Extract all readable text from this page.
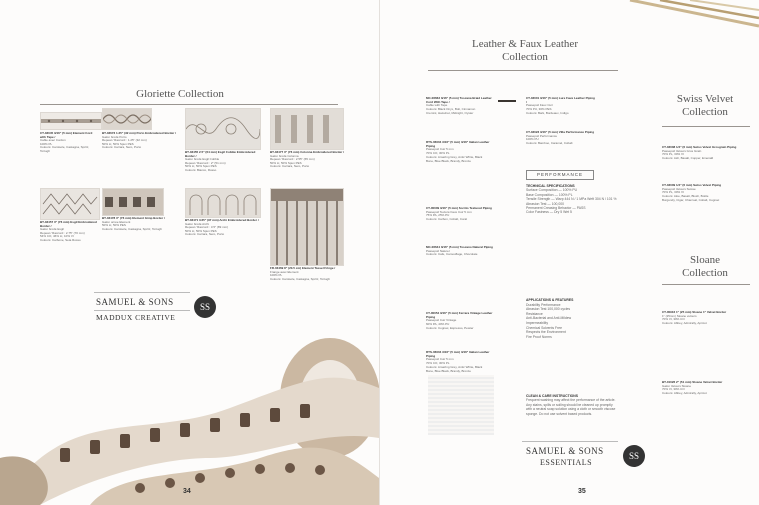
Gloriette Collection
CT-03045 3/16" (5 mm) Element Cord with Tape /
Cable avec Cordon
100% PL
Colours: Camisole, Castagna, Spritz, Tortugh
BT-03673 1.25" (32 mm) Porto Embroidered Border /
Galon brodé Porto
Repeat / Raccord : 1.25" (32 mm)
50% LI, 50% Spun PES
Colours: Carrara, Nero, Porto
BT-03455 2.5" (64 mm) Esgil Cobble Embroidered Border /
Galon brodé Esgil Cobble
Repeat / Raccord : 2" (51 mm)
50% LI, 50% Spun PES
Colours: Bianco, Rosso
BT-03477 3" (76 mm) Colonna Embroidered Border /
Galon brodé Colonna
Repeat / Raccord : 2.55" (65 mm)
50% LI, 50% Spun PES
Colours: Carrara, Nero, Porto
BT-03457 3" (76 mm) Esgil Embroidered Border /
Galon brodé Esgil
Repeat / Raccord : 2.75" (70 mm)
54% CO, 46% LI, 10% VI
Colours: Carbone, Seta Rosso
BT-03478 3" (76 mm) Element Gimp Border /
Galon ornée Element
50% LI, 50% PES
Colours: Camisole, Castagna, Spritz, Tortugh
BT-03471 3.65" (97 mm) Archi Embroidered Border /
Galon brodé Archi
Repeat / Raccord : 3.5" (89 mm)
50% LI, 50% Spun PES
Colours: Carrara, Nero, Porto
FR-03469 8" (20.5 cm) Element Tassel Fringe /
Frange avec Element
100% PL
Colours: Camisole, Castagna, Spritz, Tortugh
SAMUEL & SONS
MADDUX CREATIVE
SS
34
Leather & Faux Leather Collection
MC-06663 3/16" (5 mm) Toscana Braid Leather Cord With Tape /
Cable with Tape
Colours: Black Onyx, Bolt, Cinnamon
Cremini, Hazelnut, Midnight, Oyster
RTS-06004 3/16" (5 mm) 3/16" Italian Leather Piping
Passepoil Cuir 5 mm
70% CO, 30% PL
Colours: Amazing Grey, Antic White, Black
Bone, Blue Black, Brandy, Bronze
CT-00009 3/16" (5 mm) Sorrito Textured Piping
Passepoil Texturé Faux Cuir 5 mm
75% PA, 25% PU
Colours: Carbon, Cobalt, Coral
MC-06644 3/16" (5 mm) Toscano Natural Piping
Passepoil Naturel
Colours: Cafe, Camouflage, Chocolate
CT-00054 3/16" (5 mm) Ferrara Vintage Leather Piping
Passepoil Cuir Vintage
60% PA, 40% PU
Colours: Cognac, Espresso, Pewter
RTS-06004 3/16" (5 mm) 3/16" Italian Leather Piping
Passepoil Cuir 5 mm
70% CO, 30% PL
Colours: Amazing Grey, Antic White, Black
Bone, Blue Black, Brandy, Bronze
CT-03001 3/16" (5 mm) Lure Faux Leather Piping /
Passepoil Faux Cuir
70% PU, 30% PES
Colours: Bark, Bordeaux, Indigo
CT-03023 3/16" (5 mm) Villa Performance Piping
Passepoil Performance
100% PU
Colours: Bamboo, Caramel, Cobalt
PERFORMANCE
TECHNICAL SPECIFICATIONS
Surface Composition — 100% PU
Base Composition — 100% PL
Tensile Strength — Warp 444 N / 1 MPa Weft 304 N / 101 %
Abrasion Test — 100,000
Permanent Creasing Behavior — PASS
Color Fastness — Dry 5 Wet 5
APPLICATIONS & FEATURES
Durability Performance
Abrasion Test 100,000 cycles
Resistance
Anti-Bacterial and Anti-Mildew
Impermeability
Chemical Solvents Free
Respects the Environment
Fire Proof Norms
CLEAN & CARE INSTRUCTIONS
Frequent washing may affect the performance of the article. Any stains, spills or soiling should be cleaned up promptly with a neutral soap solution using a cloth or smooth viscose sponge. Do not use solvent based products.
SAMUEL & SONS
ESSENTIALS
SS
Swiss Velvet Collection
CT-03008 1/4" (6 mm) Swiss Velvet Grosgrain Piping
Passepoil Velours Gros Grain
70% PL, 30% VI
Colours: Ash, Basalt, Copper, Emerald
CT-03009 1/4" (6 mm) Swiss Velvet Piping
Passepoil Velours Suisse
70% PL, 30% VI
Colours: Aloe, Basalt, Blush, Bottle
Burgundy, Cigar, Charcoal, Cobalt, Cognac
Sloane Collection
CT-00916 1" (25 mm) Sloane 1" Velvet Border
1" (25mm) Sloane velours
70% VI, 30% CO
Colours: Abbey, Admiralty, Apricot
BT-01026 2" (51 mm) Sloane Velvet Border
Galon Velours Sloane
70% VI, 30% CO
Colours: Abbey, Admiralty, Apricot
35
